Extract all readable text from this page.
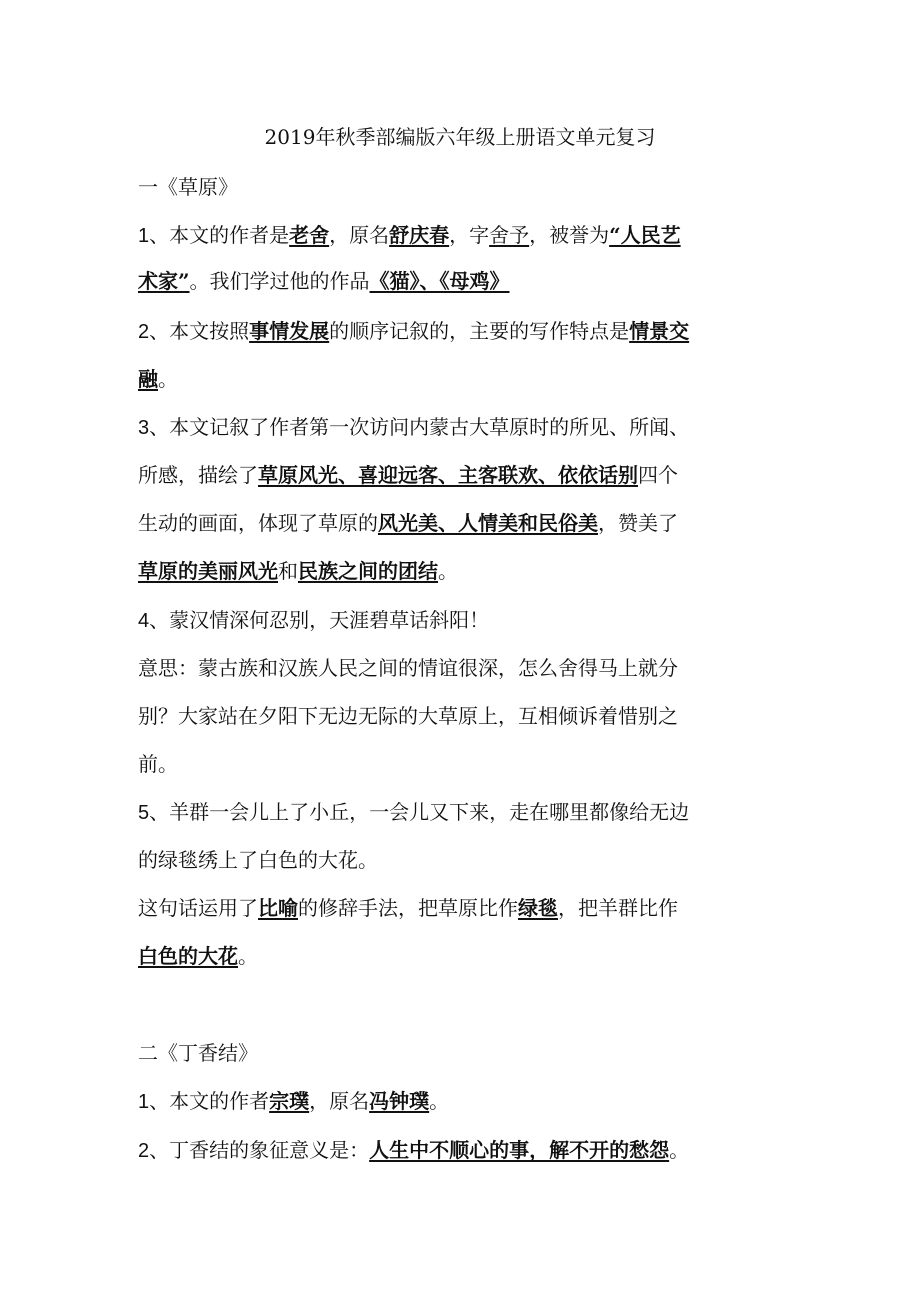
2019年秋季部编版六年级上册语文单元复习
一《草原》
1、本文的作者是老舍，原名舒庆春，字舍予，被誉为“人民艺
术家”。我们学过他的作品《猫》、《母鸡》
2、本文按照事情发展的顺序记叙的，主要的写作特点是情景交
融。
3、本文记叙了作者第一次访问内蒙古大草原时的所见、所闻、
所感，描绘了草原风光、喜迎远客、主客联欢、依依话别四个
生动的画面，体现了草原的风光美、人情美和民俗美，赞美了
草原的美丽风光和民族之间的团结。
4、蒙汉情深何忍别，天涯碧草话斜阳！
意思：蒙古族和汉族人民之间的情谊很深，怎么舍得马上就分
别？大家站在夕阳下无边无际的大草原上，互相倾诉着惜别之
前。
5、羊群一会儿上了小丘，一会儿又下来，走在哪里都像给无边
的绿毯绣上了白色的大花。
这句话运用了比喻的修辞手法，把草原比作绿毯，把羊群比作
白色的大花。
二《丁香结》
1、本文的作者宗璞，原名冯钟璞。
2、丁香结的象征意义是：人生中不顺心的事，解不开的愁怨。
